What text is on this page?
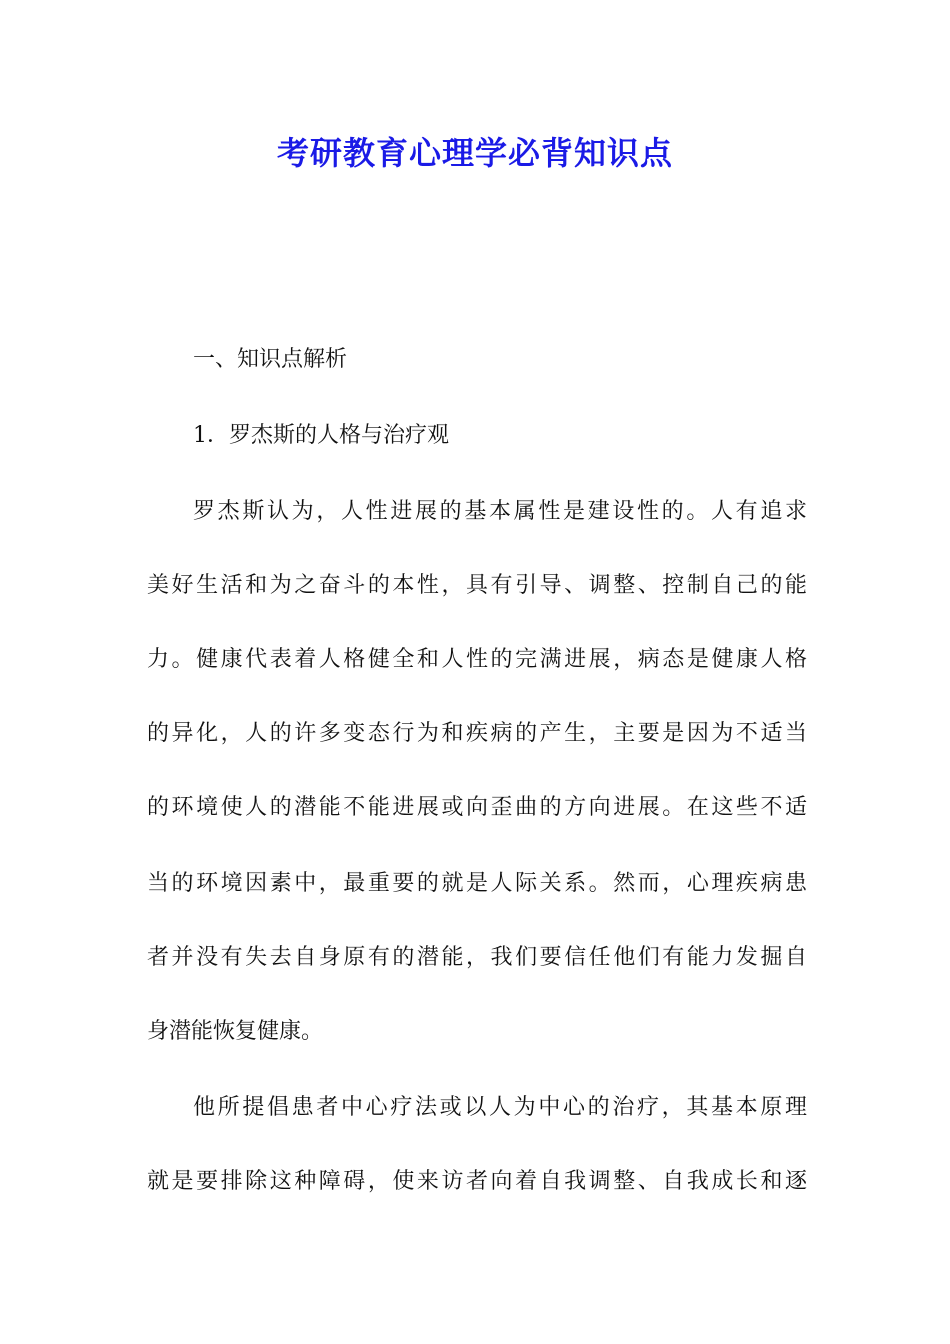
考研教育心理学必背知识点
一、知识点解析
1．罗杰斯的人格与治疗观
罗杰斯认为，人性进展的基本属性是建设性的。人有追求
美好生活和为之奋斗的本性，具有引导、调整、控制自己的能
力。健康代表着人格健全和人性的完满进展，病态是健康人格
的异化，人的许多变态行为和疾病的产生，主要是因为不适当
的环境使人的潜能不能进展或向歪曲的方向进展。在这些不适
当的环境因素中，最重要的就是人际关系。然而，心理疾病患
者并没有失去自身原有的潜能，我们要信任他们有能力发掘自
身潜能恢复健康。
他所提倡患者中心疗法或以人为中心的治疗，其基本原理
就是要排除这种障碍，使来访者向着自我调整、自我成长和逐
